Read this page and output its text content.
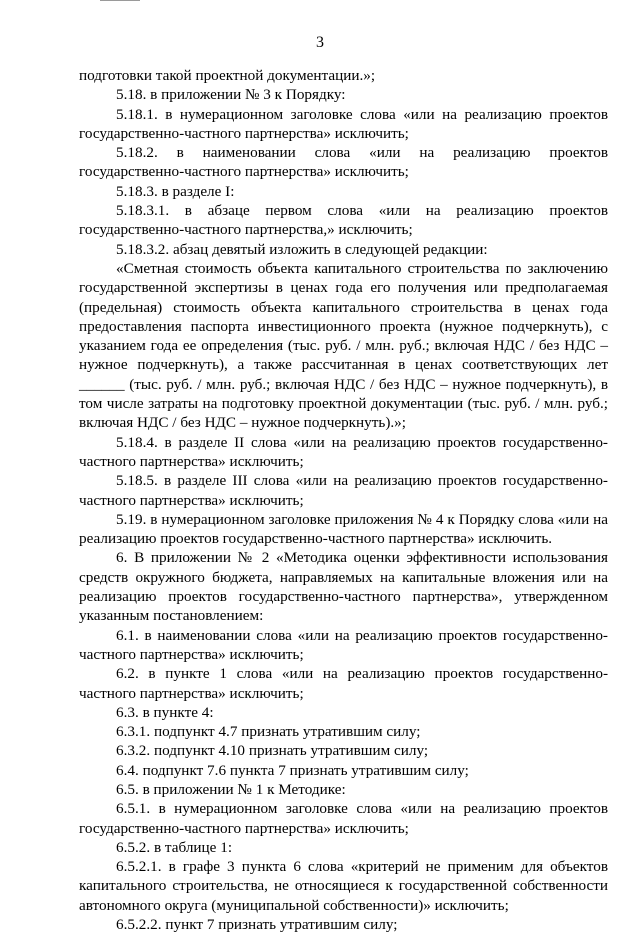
3

подготовки такой проектной документации.»;

5.18. в приложении № 3 к Порядку:

5.18.1. в нумерационном заголовке слова «или на реализацию проектов государственно-частного партнерства» исключить;

5.18.2. в наименовании слова «или на реализацию проектов государственно-частного партнерства» исключить;

5.18.3. в разделе I:

5.18.3.1. в абзаце первом слова «или на реализацию проектов государственно-частного партнерства,» исключить;

5.18.3.2. абзац девятый изложить в следующей редакции:

«Сметная стоимость объекта капитального строительства по заключению государственной экспертизы в ценах года его получения или предполагаемая (предельная) стоимость объекта капитального строительства в ценах года предоставления паспорта инвестиционного проекта (нужное подчеркнуть), с указанием года ее определения (тыс. руб. / млн. руб.; включая НДС / без НДС – нужное подчеркнуть), а также рассчитанная в ценах соответствующих лет ______ (тыс. руб. / млн. руб.; включая НДС / без НДС – нужное подчеркнуть), в том числе затраты на подготовку проектной документации (тыс. руб. / млн. руб.; включая НДС / без НДС – нужное подчеркнуть).»;

5.18.4. в разделе II слова «или на реализацию проектов государственно-частного партнерства» исключить;

5.18.5. в разделе III слова «или на реализацию проектов государственно-частного партнерства» исключить;

5.19. в нумерационном заголовке приложения № 4 к Порядку слова «или на реализацию проектов государственно-частного партнерства» исключить.

6. В приложении № 2 «Методика оценки эффективности использования средств окружного бюджета, направляемых на капитальные вложения или на реализацию проектов государственно-частного партнерства», утвержденном указанным постановлением:

6.1. в наименовании слова «или на реализацию проектов государственно-частного партнерства» исключить;

6.2. в пункте 1 слова «или на реализацию проектов государственно-частного партнерства» исключить;

6.3. в пункте 4:

6.3.1. подпункт 4.7 признать утратившим силу;

6.3.2. подпункт 4.10 признать утратившим силу;

6.4. подпункт 7.6 пункта 7 признать утратившим силу;

6.5. в приложении № 1 к Методике:

6.5.1. в нумерационном заголовке слова «или на реализацию проектов государственно-частного партнерства» исключить;

6.5.2. в таблице 1:

6.5.2.1. в графе 3 пункта 6 слова «критерий не применим для объектов капитального строительства, не относящиеся к государственной собственности автономного округа (муниципальной собственности)» исключить;

6.5.2.2. пункт 7 признать утратившим силу;
